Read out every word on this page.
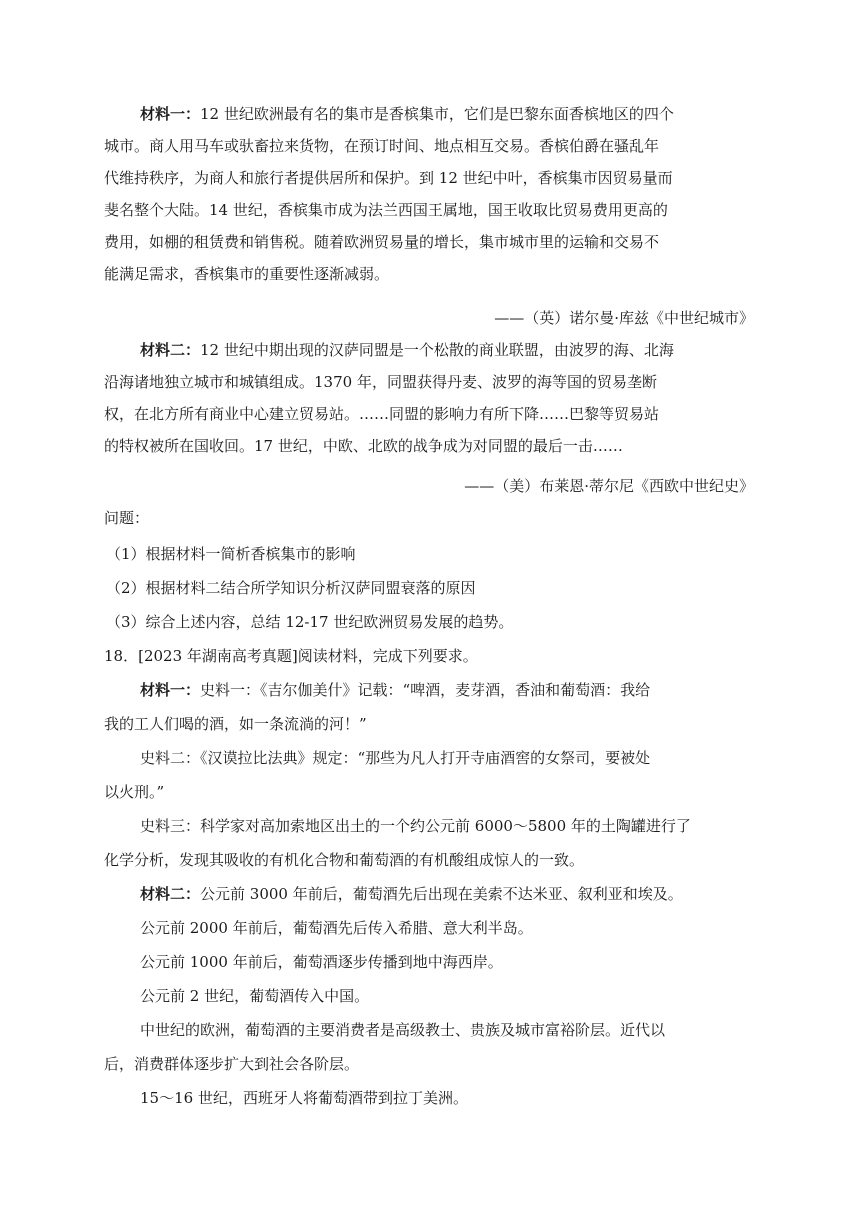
材料一：12 世纪欧洲最有名的集市是香槟集市，它们是巴黎东面香槟地区的四个
城市。商人用马车或驮畜拉来货物，在预订时间、地点相互交易。香槟伯爵在骚乱年
代维持秩序，为商人和旅行者提供居所和保护。到 12 世纪中叶，香槟集市因贸易量而
斐名整个大陆。14 世纪，香槟集市成为法兰西国王属地，国王收取比贸易费用更高的
费用，如棚的租赁费和销售税。随着欧洲贸易量的增长，集市城市里的运输和交易不
能满足需求，香槟集市的重要性逐渐减弱。
——（英）诺尔曼·库兹《中世纪城市》
材料二：12 世纪中期出现的汉萨同盟是一个松散的商业联盟，由波罗的海、北海
沿海诸地独立城市和城镇组成。1370 年，同盟获得丹麦、波罗的海等国的贸易垄断
权，在北方所有商业中心建立贸易站。……同盟的影响力有所下降……巴黎等贸易站
的特权被所在国收回。17 世纪，中欧、北欧的战争成为对同盟的最后一击……
——（美）布莱恩·蒂尔尼《西欧中世纪史》
问题：
（1）根据材料一简析香槟集市的影响
（2）根据材料二结合所学知识分析汉萨同盟衰落的原因
（3）综合上述内容，总结 12-17 世纪欧洲贸易发展的趋势。
18．[2023 年湖南高考真题]阅读材料，完成下列要求。
材料一：史料一：《吉尔伽美什》记载：“啤酒，麦芽酒，香油和葡萄酒：我给
我的工人们喝的酒，如一条流淌的河！”
史料二：《汉谟拉比法典》规定：“那些为凡人打开寺庙酒窖的女祭司，要被处
以火刑。”
史料三：科学家对高加索地区出土的一个约公元前 6000～5800 年的土陶罐进行了
化学分析，发现其吸收的有机化合物和葡萄酒的有机酸组成惊人的一致。
材料二：公元前 3000 年前后，葡萄酒先后出现在美索不达米亚、叙利亚和埃及。
公元前 2000 年前后，葡萄酒先后传入希腊、意大利半岛。
公元前 1000 年前后，葡萄酒逐步传播到地中海西岸。
公元前 2 世纪，葡萄酒传入中国。
中世纪的欧洲，葡萄酒的主要消费者是高级教士、贵族及城市富裕阶层。近代以
后，消费群体逐步扩大到社会各阶层。
15～16 世纪，西班牙人将葡萄酒带到拉丁美洲。
